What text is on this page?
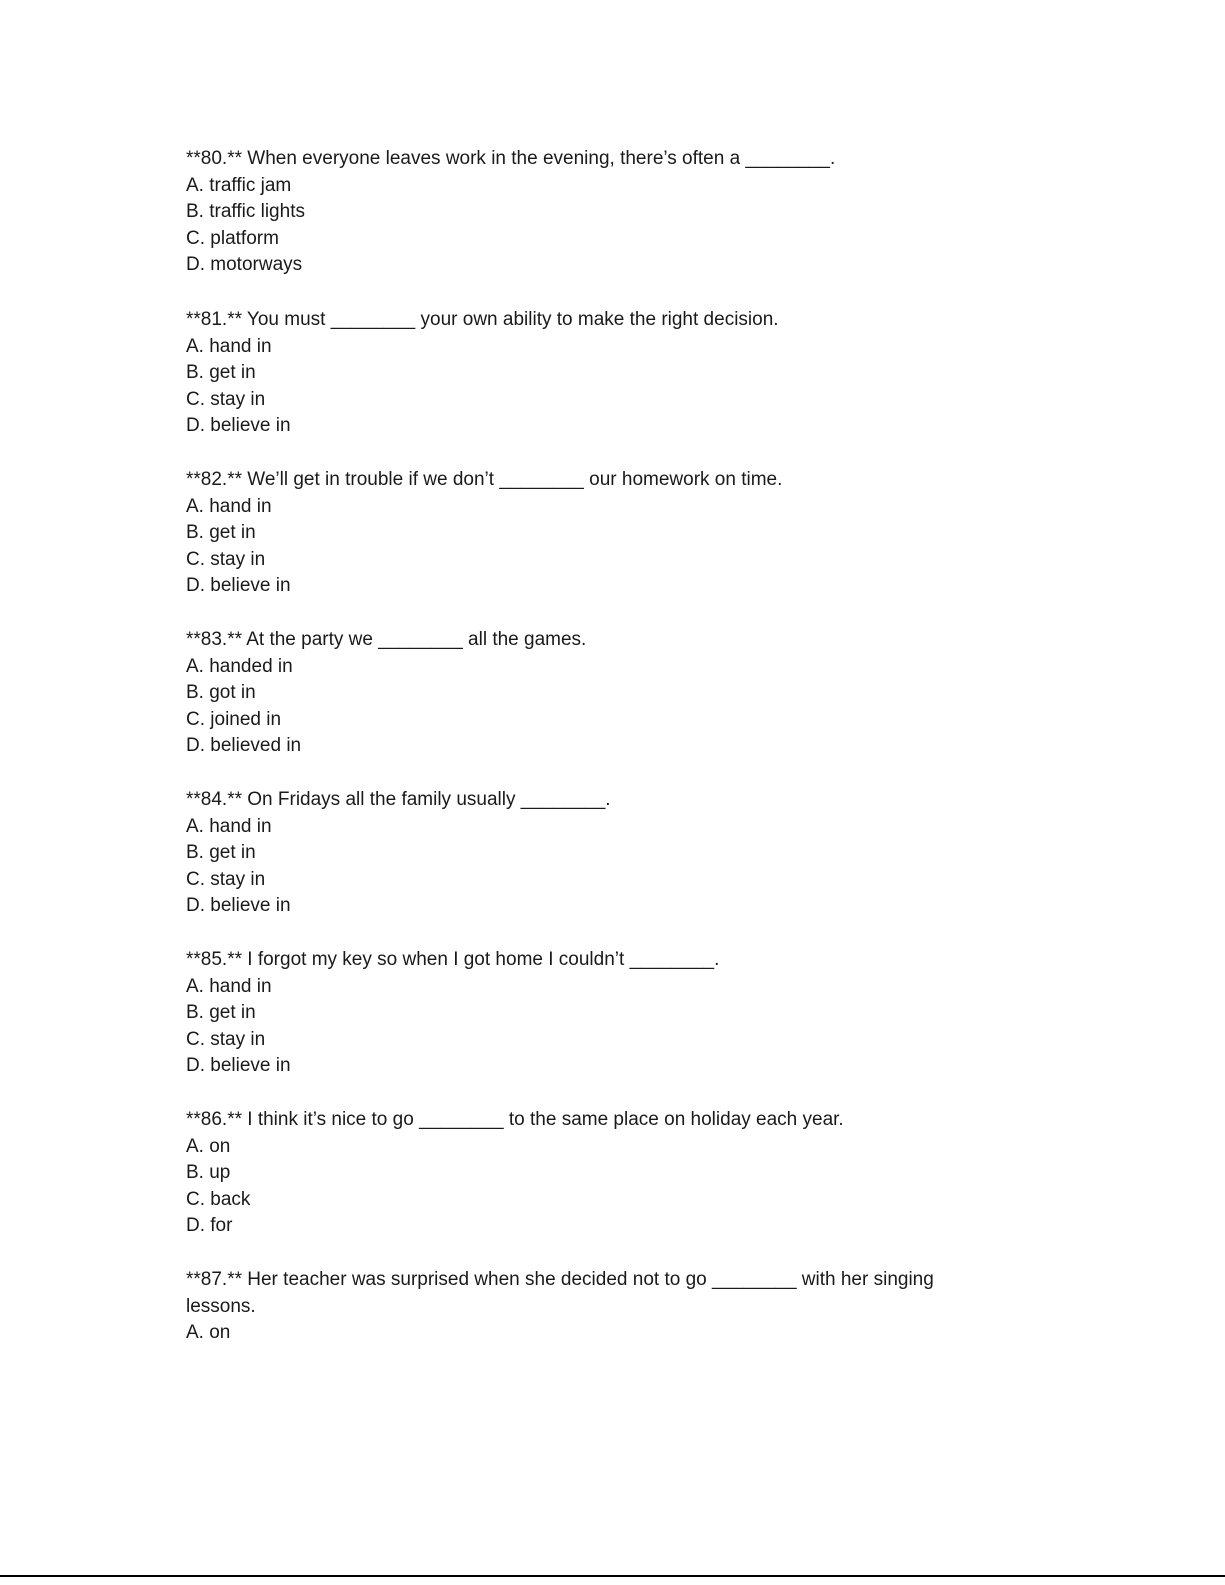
**80.** When everyone leaves work in the evening, there’s often a ________.

A. traffic jam

B. traffic lights

C. platform

D. motorways

**81.** You must ________ your own ability to make the right decision.

A. hand in

B. get in

C. stay in

D. believe in

**82.** We’ll get in trouble if we don’t ________ our homework on time.

A. hand in

B. get in

C. stay in

D. believe in

**83.** At the party we ________ all the games.

A. handed in

B. got in

C. joined in

D. believed in

**84.** On Fridays all the family usually ________.

A. hand in

B. get in

C. stay in

D. believe in

**85.** I forgot my key so when I got home I couldn’t ________.

A. hand in

B. get in

C. stay in

D. believe in

**86.** I think it’s nice to go ________ to the same place on holiday each year.

A. on

B. up

C. back

D. for

**87.** Her teacher was surprised when she decided not to go ________ with her singing lessons.

A. on
